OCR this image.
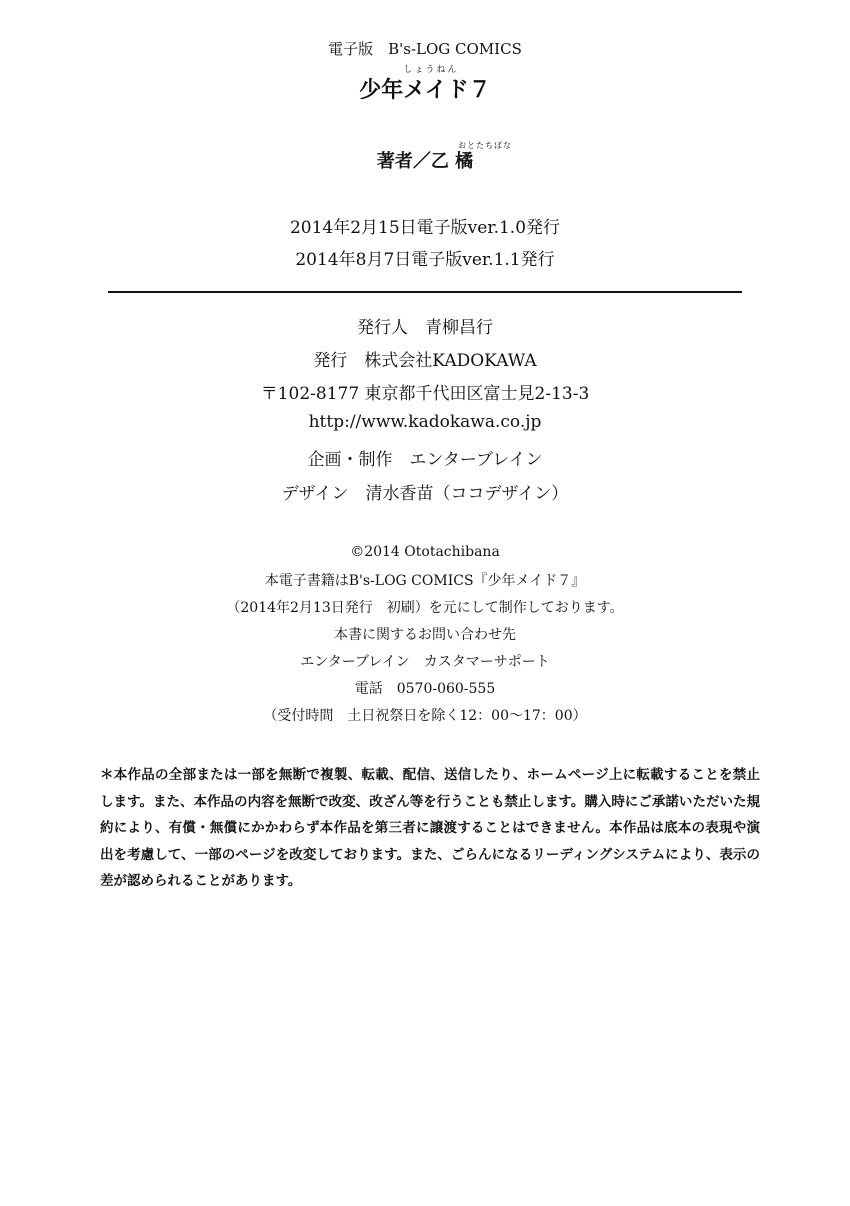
電子版　B's-LOG COMICS
しょうねん
少年メイド７
おとたちばな
著者／乙 橘
2014年2月15日電子版ver.1.0発行
2014年8月7日電子版ver.1.1発行
発行人　青柳昌行
発行　株式会社KADOKAWA
〒102-8177 東京都千代田区富士見2-13-3
http://www.kadokawa.co.jp
企画・制作　エンターブレイン
デザイン　清水香苗（ココデザイン）
©2014 Ototachibana
本電子書籍はB's-LOG COMICS『少年メイド７』
（2014年2月13日発行　初刷）を元にして制作しております。
本書に関するお問い合わせ先
エンターブレイン　カスタマーサポート
電話　0570-060-555
（受付時間　土日祝祭日を除く12：00〜17：00）
＊本作品の全部または一部を無断で複製、転載、配信、送信したり、ホームページ上に転載することを禁止します。また、本作品の内容を無断で改変、改ざん等を行うことも禁止します。購入時にご承諾いただいた規約により、有償・無償にかかわらず本作品を第三者に譲渡することはできません。本作品は底本の表現や演出を考慮して、一部のページを改変しております。また、ごらんになるリーディングシステムにより、表示の差が認められることがあります。
